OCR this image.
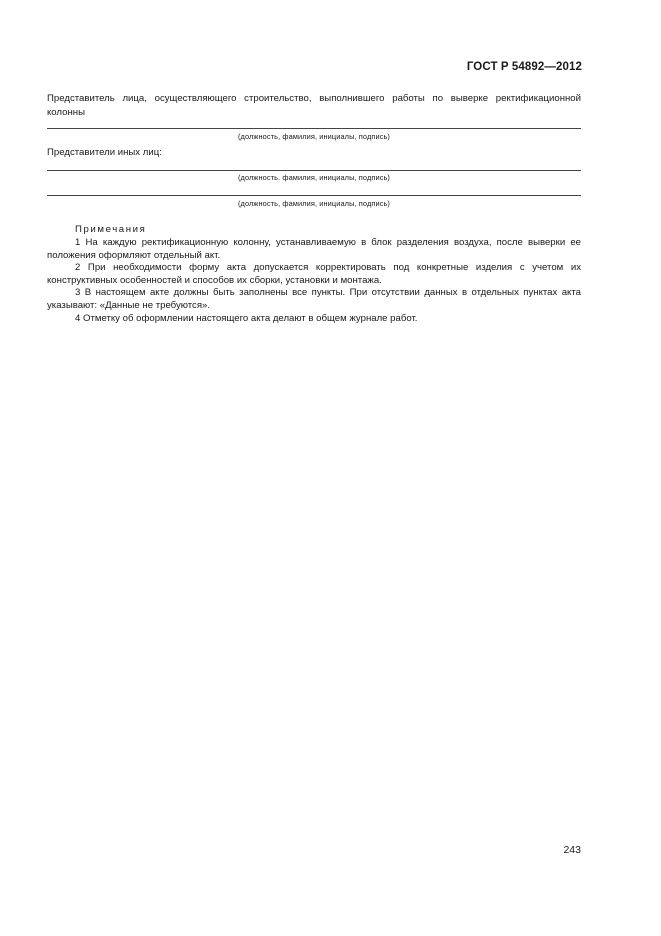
ГОСТ Р 54892—2012
Представитель лица, осуществляющего строительство, выполнившего работы по выверке ректификационной
колонны
(должность, фамилия, инициалы, подпись)
Представители иных лиц:
(должность. фамилия, инициалы, подпись)
(должность, фамилия, инициалы, подпись)
Примечания

1 На каждую ректификационную колонну, устанавливаемую в блок разделения воздуха, после выверки ее положения оформляют отдельный акт.

2 При необходимости форму акта допускается корректировать под конкретные изделия с учетом их конструктивных особенностей и способов их сборки, установки и монтажа.

3 В настоящем акте должны быть заполнены все пункты. При отсутствии данных в отдельных пунктах акта указывают: «Данные не требуются».

4 Отметку об оформлении настоящего акта делают в общем журнале работ.

243
